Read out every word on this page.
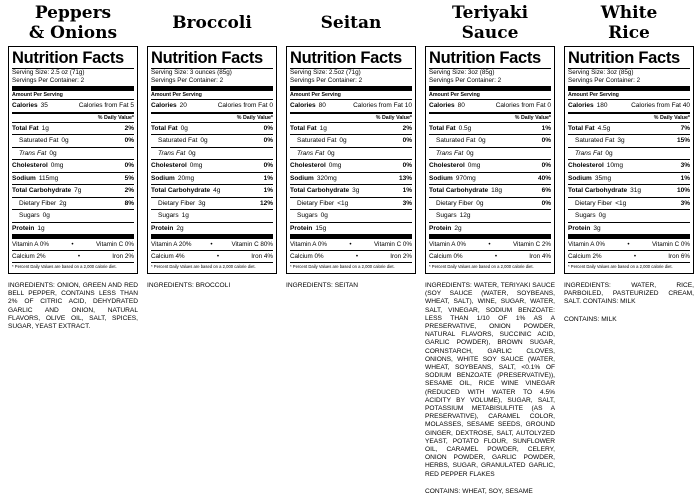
Peppers
& Onions
Nutrition Facts
Serving Size: 2.5 oz (71g)
Servings Per Container: 2
Amount Per Serving
Calories 35	Calories from Fat 5
% Daily Value*
Total Fat 1g	2%
Saturated Fat 0g	0%
Trans Fat 0g
Cholesterol 0mg	0%
Sodium 115mg	5%
Total Carbohydrate 7g	2%
Dietary Fiber 2g	8%
Sugars 0g
Protein 1g
Vitamin A 0%	•	Vitamin C 0%
Calcium 2%	•	Iron 2%
* Percent Daily Values are based on a 2,000 calorie diet.
INGREDIENTS: ONION, GREEN AND RED BELL PEPPER, CONTAINS LESS THAN 2% OF CITRIC ACID, DEHYDRATED GARLIC AND ONION, NATURAL FLAVORS, OLIVE OIL, SALT, SPICES, SUGAR, YEAST EXTRACT.
Broccoli
Nutrition Facts
Serving Size: 3 ounces (85g)
Servings Per Container: 2
Amount Per Serving
Calories 20	Calories from Fat 0
% Daily Value*
Total Fat 0g	0%
Saturated Fat 0g	0%
Trans Fat 0g
Cholesterol 0mg	0%
Sodium 20mg	1%
Total Carbohydrate 4g	1%
Dietary Fiber 3g	12%
Sugars 1g
Protein 2g
Vitamin A 20%	•	Vitamin C 80%
Calcium 4%	•	Iron 4%
* Percent Daily Values are based on a 2,000 calorie diet.
INGREDIENTS: BROCCOLI
Seitan
Nutrition Facts
Serving Size: 2.5oz (71g)
Servings Per Container: 2
Amount Per Serving
Calories 80	Calories from Fat 10
% Daily Value*
Total Fat 1g	2%
Saturated Fat 0g	0%
Trans Fat 0g
Cholesterol 0mg	0%
Sodium 320mg	13%
Total Carbohydrate 3g	1%
Dietary Fiber <1g	3%
Sugars 0g
Protein 15g
Vitamin A 0%	•	Vitamin C 0%
Calcium 0%	•	Iron 2%
* Percent Daily Values are based on a 2,000 calorie diet.
INGREDIENTS: SEITAN
Teriyaki
Sauce
Nutrition Facts
Serving Size: 3oz (85g)
Servings Per Container: 2
Amount Per Serving
Calories 80	Calories from Fat 0
% Daily Value*
Total Fat 0.5g	1%
Saturated Fat 0g	0%
Trans Fat 0g
Cholesterol 0mg	0%
Sodium 970mg	40%
Total Carbohydrate 18g	6%
Dietary Fiber 0g	0%
Sugars 12g
Protein 2g
Vitamin A 0%	•	Vitamin C 2%
Calcium 0%	•	Iron 4%
* Percent Daily Values are based on a 2,000 calorie diet.
INGREDIENTS: WATER, TERIYAKI SAUCE (SOY SAUCE (WATER, SOYBEANS, WHEAT, SALT), WINE, SUGAR, WATER, SALT, VINEGAR, SODIUM BENZOATE: LESS THAN 1/10 OF 1% AS A PRESERVATIVE, ONION POWDER, NATURAL FLAVORS, SUCCINIC ACID, GARLIC POWDER), BROWN SUGAR, CORNSTARCH, GARLIC CLOVES, ONIONS, WHITE SOY SAUCE (WATER, WHEAT, SOYBEANS, SALT, <0.1% OF SODIUM BENZOATE (PRESERVATIVE)), SESAME OIL, RICE WINE VINEGAR (REDUCED WITH WATER TO 4.5% ACIDITY BY VOLUME), SUGAR, SALT, POTASSIUM METABISULFITE (AS A PRESERVATIVE), CARAMEL COLOR, MOLASSES, SESAME SEEDS, GROUND GINGER, DEXTROSE, SALT, AUTOLYZED YEAST, POTATO FLOUR, SUNFLOWER OIL, CARAMEL POWDER, CELERY, ONION POWDER, GARLIC POWDER, HERBS, SUGAR, GRANULATED GARLIC, RED PEPPER FLAKES
CONTAINS: WHEAT, SOY, SESAME
White
Rice
Nutrition Facts
Serving Size: 3oz (85g)
Servings Per Container: 2
Amount Per Serving
Calories 180	Calories from Fat 40
% Daily Value*
Total Fat 4.5g	7%
Saturated Fat 3g	15%
Trans Fat 0g
Cholesterol 10mg	3%
Sodium 35mg	1%
Total Carbohydrate 31g	10%
Dietary Fiber <1g	3%
Sugars 0g
Protein 3g
Vitamin A 0%	•	Vitamin C 0%
Calcium 2%	•	Iron 6%
* Percent Daily Values are based on a 2,000 calorie diet.
INGREDIENTS: WATER, RICE, PARBOILED, PASTEURIZED CREAM, SALT. CONTAINS: MILK
CONTAINS: MILK
